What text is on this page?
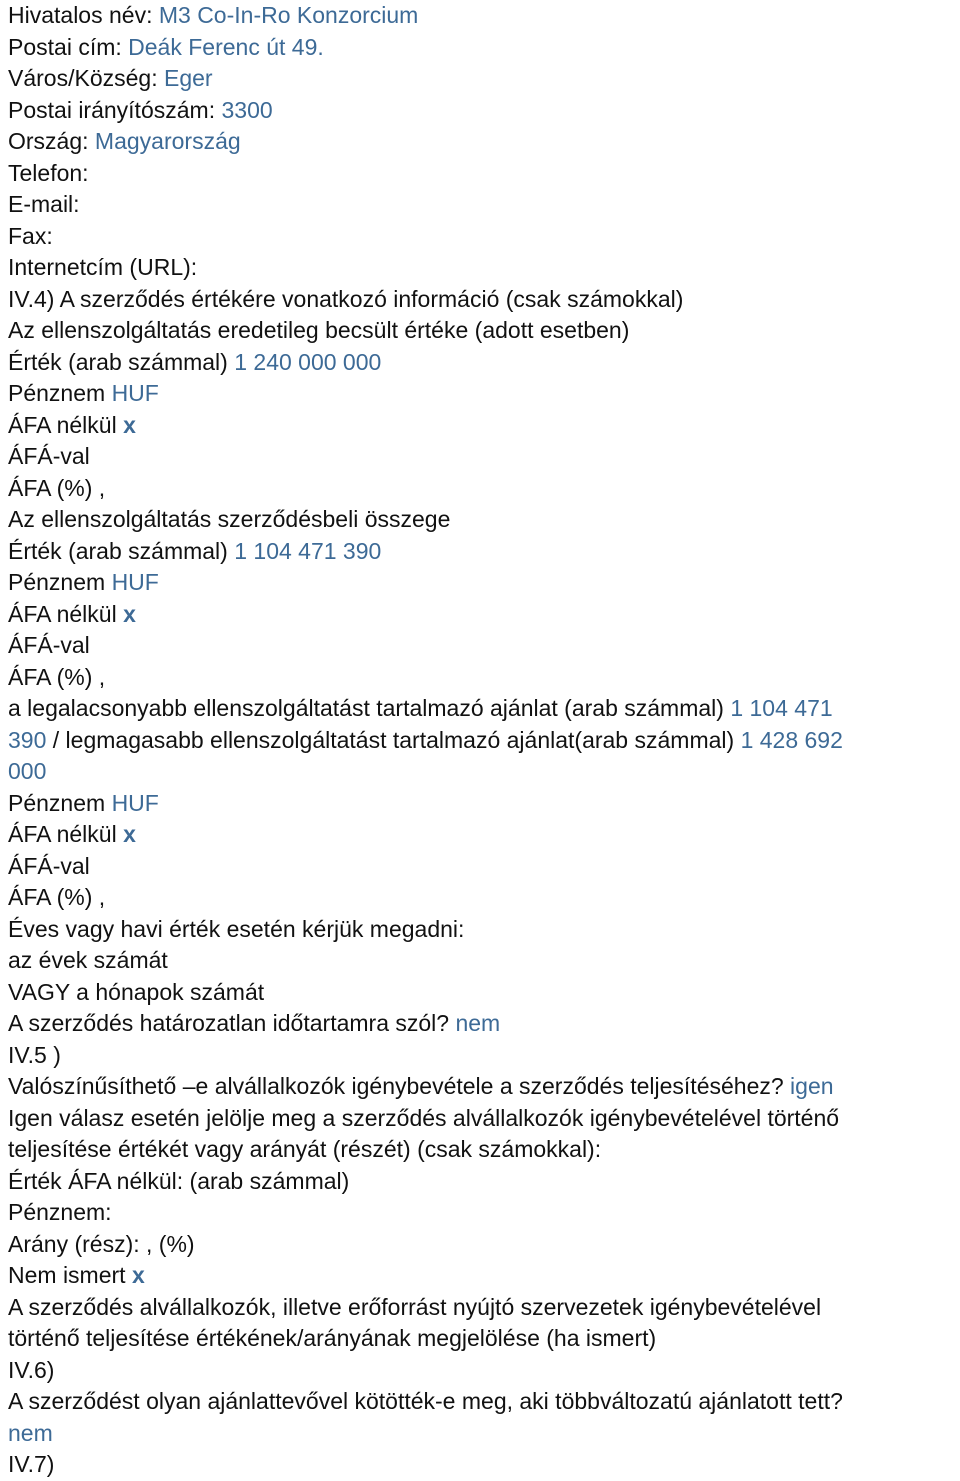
Hivatalos név: M3 Co-In-Ro Konzorcium
Postai cím: Deák Ferenc út 49.
Város/Község: Eger
Postai irányítószám: 3300
Ország: Magyarország
Telefon:
E-mail:
Fax:
Internetcím (URL):
IV.4) A szerződés értékére vonatkozó információ (csak számokkal)
Az ellenszolgáltatás eredetileg becsült értéke (adott esetben)
Érték (arab számmal) 1 240 000 000
Pénznem HUF
ÁFA nélkül x
ÁFÁ-val
ÁFA (%) ,
Az ellenszolgáltatás szerződésbeli összege
Érték (arab számmal) 1 104 471 390
Pénznem HUF
ÁFA nélkül x
ÁFÁ-val
ÁFA (%) ,
a legalacsonyabb ellenszolgáltatást tartalmazó ajánlat (arab számmal) 1 104 471
390 / legmagasabb ellenszolgáltatást tartalmazó ajánlat(arab számmal) 1 428 692
000
Pénznem HUF
ÁFA nélkül x
ÁFÁ-val
ÁFA (%) ,
Éves vagy havi érték esetén kérjük megadni:
az évek számát
VAGY a hónapok számát
A szerződés határozatlan időtartamra szól? nem
IV.5 )
Valószínűsíthető –e alvállalkozók igénybevétele a szerződés teljesítéséhez? igen
Igen válasz esetén jelölje meg a szerződés alvállalkozók igénybevételével történő
teljesítése értékét vagy arányát (részét) (csak számokkal):
Érték ÁFA nélkül: (arab számmal)
Pénznem:
Arány (rész): , (%)
Nem ismert x
A szerződés alvállalkozók, illetve erőforrást nyújtó szervezetek igénybevételével
történő teljesítése értékének/arányának megjelölése (ha ismert)
IV.6)
A szerződést olyan ajánlattevővel kötötték-e meg, aki többváltozatú ajánlatott tett?
nem
IV.7)
